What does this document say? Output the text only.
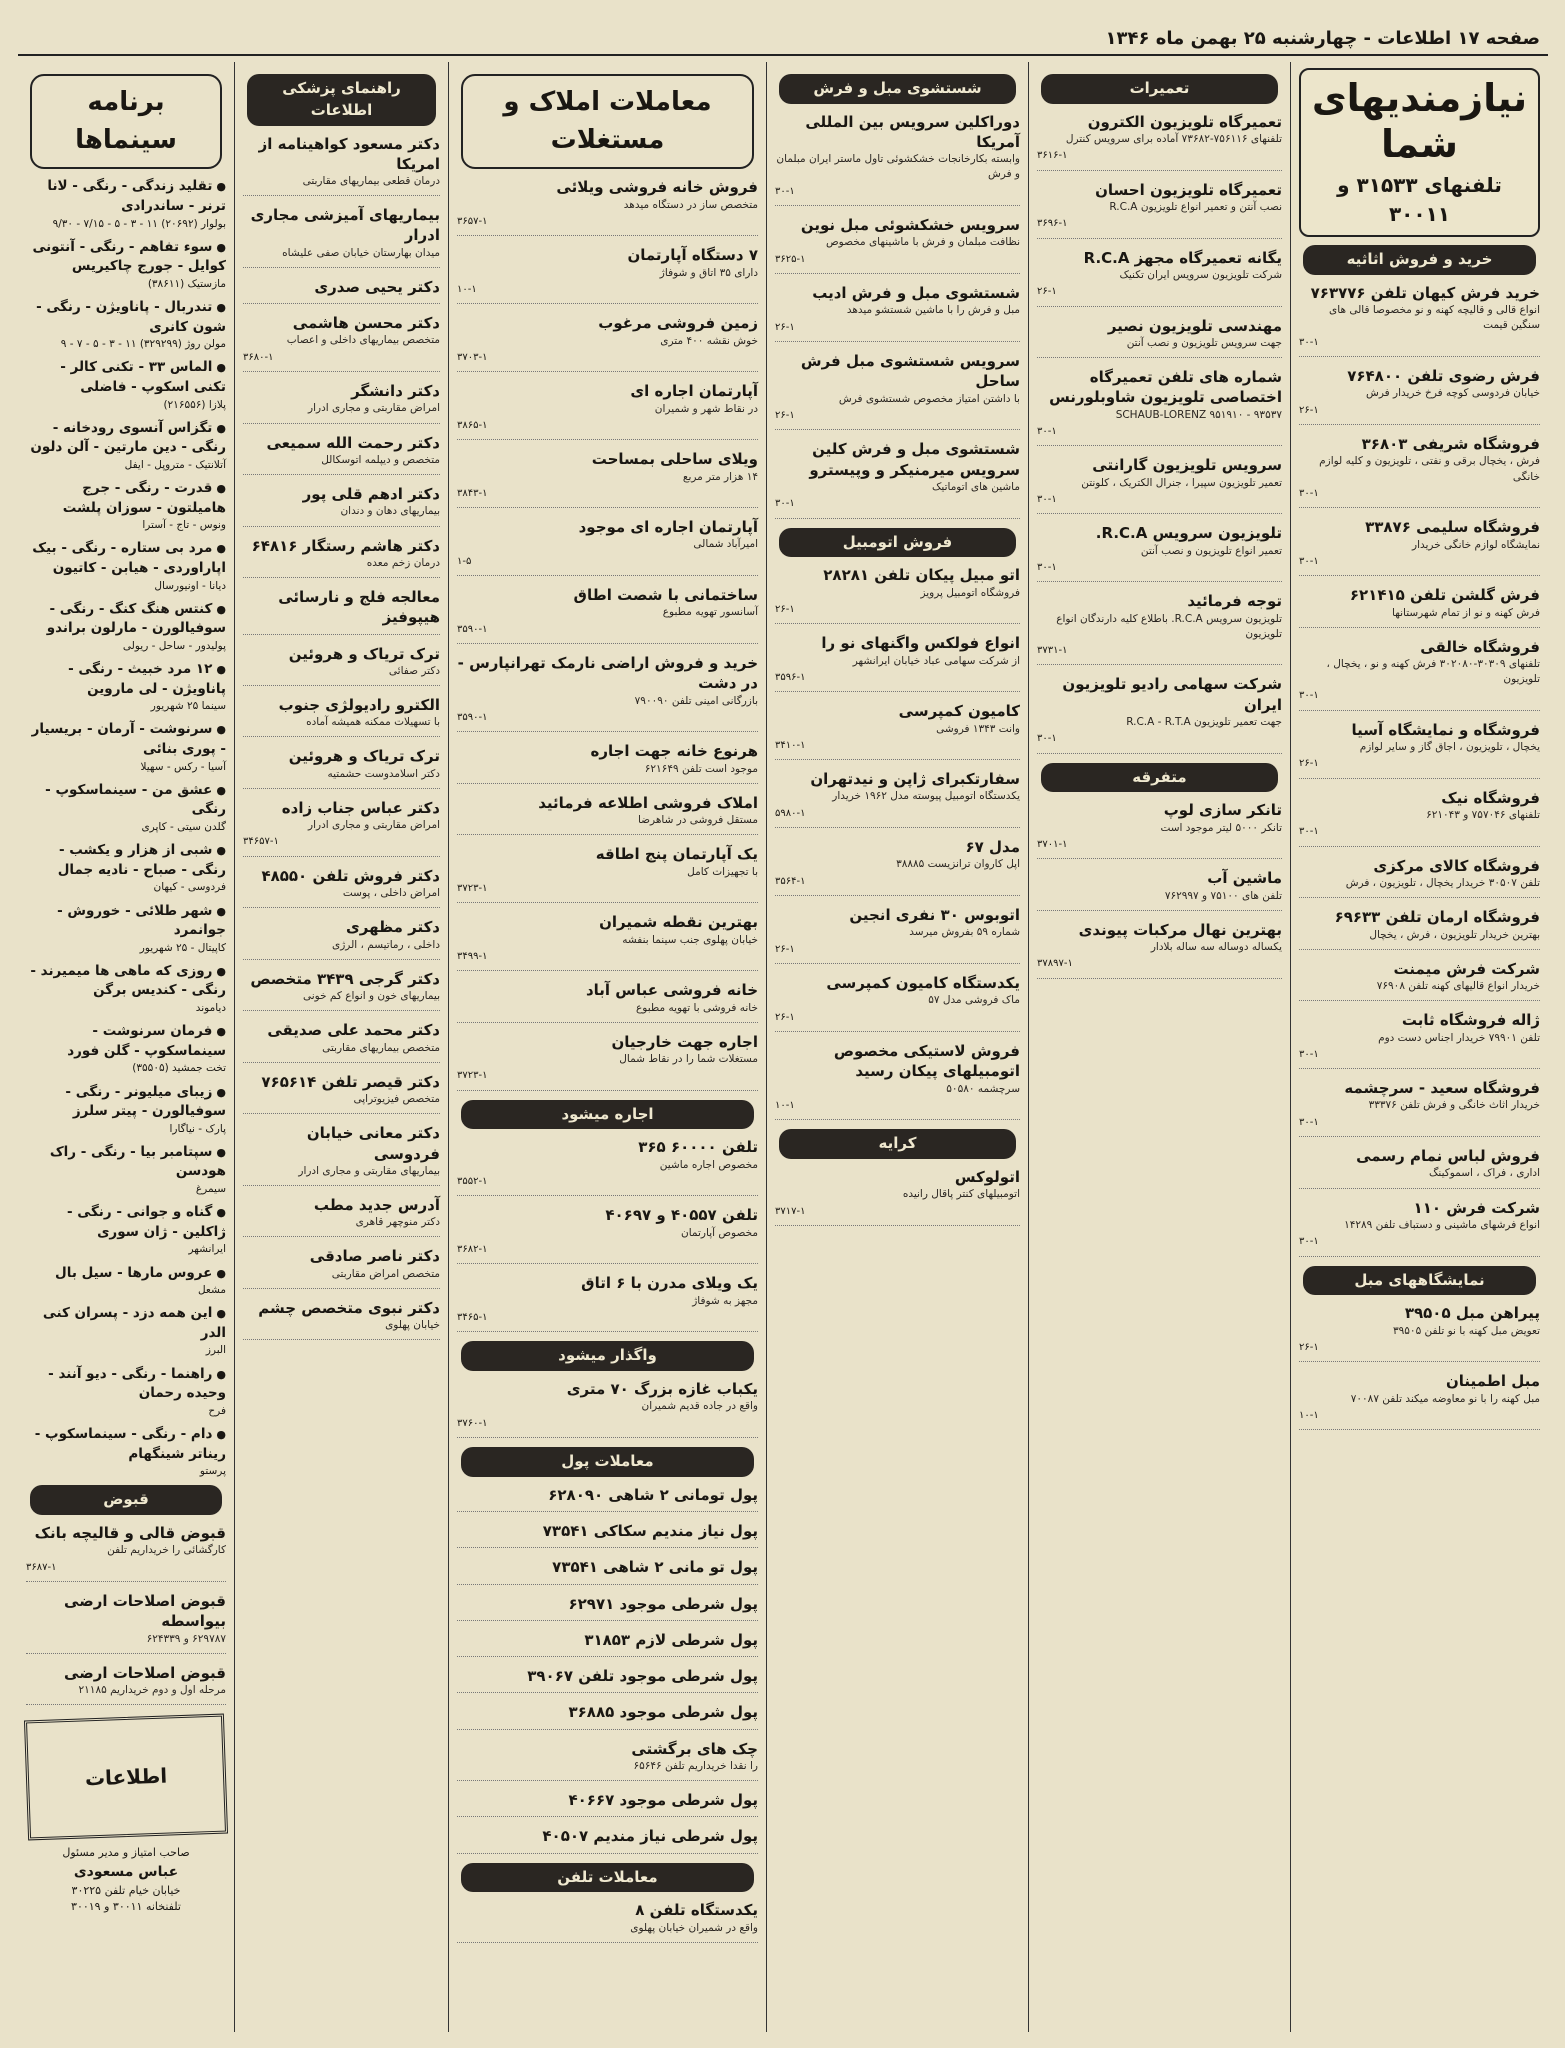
صفحه ۱۷ اطلاعات - چهارشنبه ۲۵ بهمن ماه ۱۳۴۶
نیازمندیهای شما
تلفنهای ۳۱۵۳۳ و ۳۰۰۱۱
خرید و فروش اثاثیه
خرید فرش کیهان تلفن ۷۶۳۷۷۶
انواع قالی و قالیچه کهنه و نو مخصوصا قالی های سنگین قیمت
۳۰-۱
فرش رضوی تلفن ۷۶۴۸۰۰
خیابان فردوسی کوچه فرخ خریدار فرش
۲۶-۱
فروشگاه شریفی ۳۶۸۰۳
فرش ، یخچال برقی و نفتی ، تلویزیون و کلیه لوازم خانگی
۳۰-۱
فروشگاه سلیمی ۳۳۸۷۶
نمایشگاه لوازم خانگی خریدار
۳۰-۱
فرش گلشن تلفن ۶۲۱۴۱۵
فرش کهنه و نو از تمام شهرستانها
فروشگاه خالقی
تلفنهای ۳۰۳۰۹-۳۰۲۰۸۰ فرش کهنه و نو ، یخچال ، تلویزیون
۳۰-۱
فروشگاه و نمایشگاه آسیا
یخچال ، تلویزیون ، اجاق گاز و سایر لوازم
۲۶-۱
فروشگاه نیک
تلفنهای ۷۵۷۰۴۶ و ۶۲۱۰۴۳
۳۰-۱
فروشگاه کالای مرکزی
تلفن ۳۰۵۰۷ خریدار یخچال ، تلویزیون ، فرش
فروشگاه ارمان تلفن ۶۹۶۳۳
بهترین خریدار تلویزیون ، فرش ، یخچال
شرکت فرش میمنت
خریدار انواع قالیهای کهنه تلفن ۷۶۹۰۸
ژاله فروشگاه ثابت
تلفن ۷۹۹۰۱ خریدار اجناس دست دوم
۳۰-۱
فروشگاه سعید - سرچشمه
خریدار اثاث خانگی و فرش تلفن ۳۳۳۷۶
۳۰-۱
فروش لباس نمام رسمی
اداری ، فراک ، اسموکینگ
شرکت فرش ۱۱۰
انواع فرشهای ماشینی و دستباف تلفن ۱۴۲۸۹
۳۰-۱
نمایشگاههای مبل
پیراهن مبل ۳۹۵۰۵
تعویض مبل کهنه با نو تلفن ۳۹۵۰۵
۲۶-۱
مبل اطمینان
مبل کهنه را با نو معاوضه میکند تلفن ۷۰۰۸۷
۱۰-۱
تعمیرات
تعمیرگاه تلویزیون الکترون
تلفنهای ۷۵۶۱۱۶-۷۳۶۸۲ آماده برای سرویس کنترل
۳۶۱۶-۱
تعمیرگاه تلویزیون احسان
نصب آنتن و تعمیر انواع تلویزیون R.C.A
۳۶۹۶-۱
یگانه تعمیرگاه مجهز R.C.A
شرکت تلویزیون سرویس ایران تکنیک
۲۶-۱
مهندسی تلویزیون نصیر
جهت سرویس تلویزیون و نصب آنتن
شماره های تلفن تعمیرگاه اختصاصی تلویزیون شاوبلورنس
SCHAUB-LORENZ ۹۵۱۹۱۰ - ۹۳۵۳۷
۳۰-۱
سرویس تلویزیون گارانتی
تعمیر تلویزیون سپیرا ، جنرال الکتریک ، کلونتن
۳۰-۱
تلویزیون سرویس R.C.A.
تعمیر انواع تلویزیون و نصب آنتن
۳۰-۱
توجه فرمائید
تلویزیون سرویس R.C.A. باطلاع کلیه دارندگان انواع تلویزیون
۳۷۳۱-۱
شرکت سهامی رادیو تلویزیون ایران
جهت تعمیر تلویزیون R.C.A - R.T.A
۳۰-۱
متفرقه
تانکر سازی لوپ
تانکر ۵۰۰۰ لیتر موجود است
۳۷۰۱-۱
ماشین آب
تلفن های ۷۵۱۰۰ و ۷۶۲۹۹۷
بهترین نهال مرکبات پیوندی
یکساله دوساله سه ساله بلادار
۳۷۸۹۷-۱
شستشوی مبل و فرش
دوراکلین سرویس بین المللی آمریکا
وابسته بکارخانجات خشکشوئی تاول ماستر ایران مبلمان و فرش
۳۰-۱
سرویس خشکشوئی مبل نوین
نظافت مبلمان و فرش با ماشینهای مخصوص
۳۶۲۵-۱
شستشوی مبل و فرش ادیب
مبل و فرش را با ماشین شستشو میدهد
۲۶-۱
سرویس شستشوی مبل فرش ساحل
با داشتن امتیاز مخصوص شستشوی فرش
۲۶-۱
شستشوی مبل و فرش کلین سرویس میرمنیکر و وپیسترو
ماشین های اتوماتیک
۳۰-۱
فروش اتومبیل
اتو مبیل پیکان تلفن ۲۸۲۸۱
فروشگاه اتومبیل پرویز
۲۶-۱
انواع فولکس واگنهای نو را
از شرکت سهامی عباد خیابان ایرانشهر
۳۵۹۶-۱
کامیون کمپرسی
وانت ۱۳۴۳ فروشی
۳۴۱۰-۱
سفارتکبرای ژاپن و نیدتهران
یکدستگاه اتومبیل پیوسته مدل ۱۹۶۲ خریدار
۵۹۸۰-۱
مدل ۶۷
اپل کاروان ترانزیست ۳۸۸۸۵
۳۵۶۴-۱
اتوبوس ۳۰ نفری انجین
شماره ۵۹ بفروش میرسد
۲۶-۱
یکدستگاه کامیون کمپرسی
ماک فروشی مدل ۵۷
۲۶-۱
فروش لاستیکی مخصوص اتومبیلهای پیکان رسید
سرچشمه ۵۰۵۸۰
۱۰-۱
کرایه
اتولوکس
اتومبیلهای کنتر پاقال رانیده
۳۷۱۷-۱
معاملات املاک و مستغلات
فروش خانه فروشی ویلائی
متخصص ساز در دستگاه میدهد
۳۶۵۷-۱
۷ دستگاه آپارتمان
دارای ۳۵ اتاق و شوفاژ
۱۰-۱
زمین فروشی مرغوب
خوش نقشه ۴۰۰ متری
۳۷۰۳-۱
آپارتمان اجاره ای
در نقاط شهر و شمیران
۳۸۶۵-۱
ویلای ساحلی بمساحت
۱۴ هزار متر مربع
۳۸۴۳-۱
آپارتمان اجاره ای موجود
امیرآباد شمالی
۱-۵
ساختمانی با شصت اطاق
آسانسور تهویه مطبوع
۳۵۹۰-۱
خرید و فروش اراضی نارمک تهرانپارس - در دشت
بازرگانی امینی تلفن ۷۹۰۰۹۰
۳۵۹۰-۱
هرنوع خانه جهت اجاره
موجود است تلفن ۶۲۱۶۴۹
املاک فروشی اطلاعه فرمائید
مستقل فروشی در شاهرضا
یک آپارتمان پنج اطاقه
با تجهیزات کامل
۳۷۲۳-۱
بهترین نقطه شمیران
خیابان پهلوی جنب سینما بنفشه
۳۴۹۹-۱
خانه فروشی عباس آباد
خانه فروشی با تهویه مطبوع
اجاره جهت خارجیان
مستغلات شما را در نقاط شمال
۳۷۲۳-۱
اجاره میشود
تلفن ۶۰۰۰۰ ۳۶۵
مخصوص اجاره ماشین
۳۵۵۲-۱
تلفن ۴۰۵۵۷ و ۴۰۶۹۷
مخصوص آپارتمان
۳۶۸۲-۱
یک ویلای مدرن با ۶ اتاق
مجهز به شوفاژ
۳۴۶۵-۱
واگذار میشود
یکباب غازه بزرگ ۷۰ متری
واقع در جاده قدیم شمیران
۳۷۶۰-۱
معاملات پول
پول تومانی ۲ شاهی ۶۲۸۰۹۰
پول نیاز مندیم سکاکی ۷۳۵۴۱
پول تو مانی ۲ شاهی ۷۳۵۴۱
پول شرطی موجود ۶۲۹۷۱
پول شرطی لازم ۳۱۸۵۳
پول شرطی موجود تلفن ۳۹۰۶۷
پول شرطی موجود ۳۶۸۸۵
چک های برگشتی
را نقدا خریداریم تلفن ۶۵۶۴۶
پول شرطی موجود ۴۰۶۶۷
پول شرطی نیاز مندیم ۴۰۵۰۷
معاملات تلفن
یکدستگاه تلفن ۸
واقع در شمیران خیابان پهلوی
راهنمای پزشکی اطلاعات
دکتر مسعود کواهینامه از امریکا
درمان قطعی بیماریهای مقاربتی
بیماریهای آمیزشی مجاری ادرار
میدان بهارستان خیابان صفی علیشاه
دکتر یحیی صدری
دکتر محسن هاشمی
متخصص بیماریهای داخلی و اعصاب
۳۶۸۰-۱
دکتر دانشگر
امراض مقاربتی و مجاری ادرار
دکتر رحمت الله سمیعی
متخصص و دیپلمه اتوسکالل
دکتر ادهم قلی پور
بیماریهای دهان و دندان
دکتر هاشم رستگار ۶۴۸۱۶
درمان زخم معده
معالجه فلج و نارسائی هیپوفیز
ترک تریاک و هروئین
دکتر صفائی
الکترو رادیولژی جنوب
با تسهیلات ممکنه همیشه آماده
ترک تریاک و هروئین
دکتر اسلامدوست حشمتیه
دکتر عباس جناب زاده
امراض مقاربتی و مجاری ادرار
۳۴۶۵۷-۱
دکتر فروش تلفن ۴۸۵۵۰
امراض داخلی ، پوست
دکتر مظهری
داخلی ، رماتیسم ، الرژی
دکتر گرجی ۳۴۳۹ متخصص
بیماریهای خون و انواع کم خونی
دکتر محمد علی صدیقی
متخصص بیماریهای مقاربتی
دکتر قیصر تلفن ۷۶۵۶۱۴
متخصص فیزیوتراپی
دکتر معانی خیابان فردوسی
بیماریهای مقاربتی و مجاری ادرار
آدرس جدید مطب
دکتر منوچهر قاهری
دکتر ناصر صادقی
متخصص امراض مقاربتی
دکتر نبوی متخصص چشم
خیابان پهلوی
برنامه سینماها
● تقلید زندگی - رنگی - لانا ترنر - ساندرادی
بولوار (۲۰۶۹۲) ۱۱ - ۳ - ۵ - ۷/۱۵ - ۹/۳۰
● سوء تفاهم - رنگی - آنتونی کوایل - جورج چاکیریس
مازستیک (۳۸۶۱۱)
● تندربال - پاناویژن - رنگی - شون کانری
مولن روژ (۳۲۹۲۹۹) ۱۱ - ۳ - ۵ - ۷ - ۹
● الماس ۳۳ - تکنی کالر - تکنی اسکوپ - فاضلی
پلازا (۲۱۶۵۵۶)
● تگزاس آنسوی رودخانه - رنگی - دین مارتین - آلن دلون
آتلانتیک - متروپل - ایفل
● قدرت - رنگی - جرج هامیلتون - سوزان پلشت
ونوس - تاج - آسترا
● مرد بی ستاره - رنگی - بیک اپاراوردی - هیابن - کاتیون
دیانا - اونیورسال
● کنتس هنگ کنگ - رنگی - سوفیالورن - مارلون براندو
پولیدور - ساحل - ریولی
● ۱۲ مرد خبیث - رنگی - پاناویژن - لی ماروین
سینما ۲۵ شهریور
● سرنوشت - آرمان - بریسیار - پوری بنائی
آسیا - رکس - سهیلا
● عشق من - سینماسکوپ - رنگی
گلدن سیتی - کاپری
● شبی از هزار و یکشب - رنگی - صباح - نادیه جمال
فردوسی - کیهان
● شهر طلائی - خوروش - جوانمرد
کاپیتال - ۲۵ شهریور
● روزی که ماهی ها میمیرند - رنگی - کندیس برگن
دیاموند
● فرمان سرنوشت - سینماسکوپ - گلن فورد
تخت جمشید (۳۵۵۰۵)
● زیبای میلیونر - رنگی - سوفیالورن - پیتر سلرز
پارک - نیاگارا
● سپتامبر بیا - رنگی - راک هودسن
سیمرغ
● گناه و جوانی - رنگی - ژاکلین - ژان سوری
ایرانشهر
● عروس مارها - سیل بال
مشعل
● این همه دزد - پسران کنی الدر
البرز
● راهنما - رنگی - دیو آنند - وحیده رحمان
فرح
● دام - رنگی - سینماسکوپ - ریناتر شینگهام
پرستو
قبوض
قبوض قالی و قالیچه بانک
کارگشائی را خریداریم تلفن
۳۶۸۷-۱
قبوض اصلاحات ارضی بیواسطه
۶۲۹۷۸۷ و ۶۲۴۳۳۹
قبوض اصلاحات ارضی
مرحله اول و دوم خریداریم ۲۱۱۸۵
اطلاعات
صاحب امتیاز و مدیر مسئول
عباس مسعودی
خیابان خیام تلفن ۳۰۲۲۵
تلفنخانه ۳۰۰۱۱ و ۳۰۰۱۹
